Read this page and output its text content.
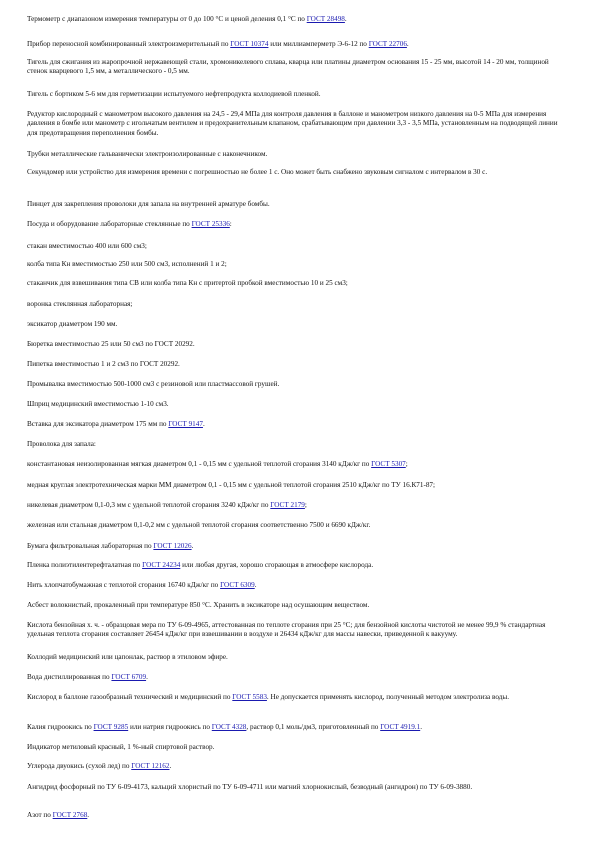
Термометр с диапазоном измерения температуры от 0 до 100 °С и ценой деления 0,1 °С по ГОСТ 28498.
Прибор переносной комбинированный электроизмерительный по ГОСТ 10374 или миллиамперметр Э-6-12 по ГОСТ 22706.
Тигель для сжигания из жаропрочной нержавеющей стали, хромоникелевого сплава, кварца или платины диаметром основания 15 - 25 мм, высотой 14 - 20 мм, толщиной стенок кварцевого 1,5 мм, а металлического - 0,5 мм.
Тигель с бортиком 5-6 мм для герметизации испытуемого нефтепродукта коллодиевой пленкой.
Редуктор кислородный с манометром высокого давления на 24,5 - 29,4 МПа для контроля давления в баллоне и манометром низкого давления на 0-5 МПа для измерения давления в бомбе или манометр с игольчатым вентилем и предохранительным клапаном, срабатывающим при давлении 3,3 - 3,5 МПа, установленным на подводящей линии для предотвращения переполнения бомбы.
Трубки металлические гальванически электроизолированные с наконечником.
Секундомер или устройство для измерения времени с погрешностью не более 1 с. Оно может быть снабжено звуковым сигналом с интервалом в 30 с.
Пинцет для закрепления проволоки для запала на внутренней арматуре бомбы.
Посуда и оборудование лабораторные стеклянные по ГОСТ 25336:
стакан вместимостью 400 или 600 см3;
колба типа Кн вместимостью 250 или 500 см3, исполнений 1 и 2;
стаканчик для взвешивания типа СВ или колба типа Кн с притертой пробкой вместимостью 10 и 25 см3;
воронка стеклянная лабораторная;
эксикатор диаметром 190 мм.
Бюретка вместимостью 25 или 50 см3 по ГОСТ 20292.
Пипетка вместимостью 1 и 2 см3 по ГОСТ 20292.
Промывалка вместимостью 500-1000 см3 с резиновой или пластмассовой грушей.
Шприц медицинский вместимостью 1-10 см3.
Вставка для эксикатора диаметром 175 мм по ГОСТ 9147.
Проволока для запала:
константановая неизолированная мягкая диаметром 0,1 - 0,15 мм с удельной теплотой сгорания 3140 кДж/кг по ГОСТ 5307;
медная круглая электротехническая марки ММ диаметром 0,1 - 0,15 мм с удельной теплотой сгорания 2510 кДж/кг по ТУ 16.К71-87;
никелевая диаметром 0,1-0,3 мм с удельной теплотой сгорания 3240 кДж/кг по ГОСТ 2179;
железная или стальная диаметром 0,1-0,2 мм с удельной теплотой сгорания соответственно 7500 и 6690 кДж/кг.
Бумага фильтровальная лабораторная по ГОСТ 12026.
Пленка полиэтилентерефталатная по ГОСТ 24234 или любая другая, хорошо сгорающая в атмосфере кислорода.
Нить хлопчатобумажная с теплотой сгорания 16740 кДж/кг по ГОСТ 6309.
Асбест волокнистый, прокаленный при температуре 850 °С. Хранить в эксикаторе над осушающим веществом.
Кислота бензойная х. ч. - образцовая мера по ТУ 6-09-4965, аттестованная по теплоте сгорания при 25 °С; для бензойной кислоты чистотой не менее 99,9 % стандартная удельная теплота сгорания составляет 26454 кДж/кг при взвешивании в воздухе и 26434 кДж/кг для массы навески, приведенной к вакууму.
Коллодий медицинский или цапонлак, раствор в этиловом эфире.
Вода дистиллированная по ГОСТ 6709.
Кислород в баллоне газообразный технический и медицинский по ГОСТ 5583. Не допускается применять кислород, полученный методом электролиза воды.
Калия гидроокись по ГОСТ 9285 или натрия гидроокись по ГОСТ 4328, раствор 0,1 моль/дм3, приготовленный по ГОСТ 4919.1.
Индикатор метиловый красный, 1 %-ный спиртовой раствор.
Углерода двуокись (сухой лед) по ГОСТ 12162.
Ангидрид фосфорный по ТУ 6-09-4173, кальций хлористый по ТУ 6-09-4711 или магний хлорнокислый, безводный (ангидрон) по ТУ 6-09-3880.
Азот по ГОСТ 2768.
